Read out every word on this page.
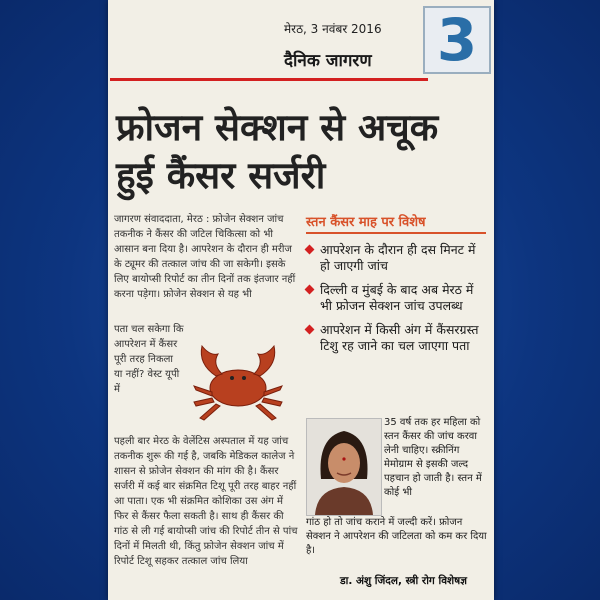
मेरठ, 3 नवंबर 2016
दैनिक जागरण 3
फ्रोजन सेक्शन से अचूक हुई कैंसर सर्जरी
जागरण संवाददाता, मेरठ : फ्रोजेन सेक्शन जांच तकनीक ने कैंसर की जटिल चिकित्सा को भी आसान बना दिया है। आपरेशन के दौरान ही मरीज के ट्यूमर की तत्काल जांच की जा सकेगी। इसके लिए बायोप्सी रिपोर्ट का तीन दिनों तक इंतजार नहीं करना पड़ेगा। फ्रोजेन सेक्शन से यह भी
स्तन कैंसर माह पर विशेष
आपरेशन के दौरान ही दस मिनट में हो जाएगी जांच
दिल्ली व मुंबई के बाद अब मेरठ में भी फ्रोजन सेक्शन जांच उपलब्ध
आपरेशन में किसी अंग में कैंसरग्रस्त टिशु रह जाने का चल जाएगा पता
पता चल सकेगा कि आपरेशन में कैंसर पूरी तरह निकला या नहीं? वेस्ट यूपी में
पहली बार मेरठ के वेलेंटिस अस्पताल में यह जांच तकनीक शुरू की गई है, जबकि मेडिकल कालेज ने शासन से फ्रोजेन सेक्शन की मांग की है। कैंसर सर्जरी में कई बार संक्रमित टिशू पूरी तरह बाहर नहीं आ पाता। एक भी संक्रमित कोशिका उस अंग में फिर से कैंसर फैला सकती है। साथ ही कैंसर की गांठ से ली गई बायोप्सी जांच की रिपोर्ट तीन से पांच दिनों में मिलती थी, किंतु फ्रोजेन सेक्शन जांच में रिपोर्ट टिशू सहकर तत्काल जांच लिया
35 वर्ष तक हर महिला को स्तन कैंसर की जांच करवा लेनी चाहिए। स्क्रीनिंग मेमोग्राम से इसकी जल्द पहचान हो जाती है। स्तन में कोई भी
गांठ हो तो जांच कराने में जल्दी करें। फ्रोजन सेक्शन ने आपरेशन की जटिलता को कम कर दिया है।
डा. अंशु जिंदल, स्त्री रोग विशेषज्ञ
